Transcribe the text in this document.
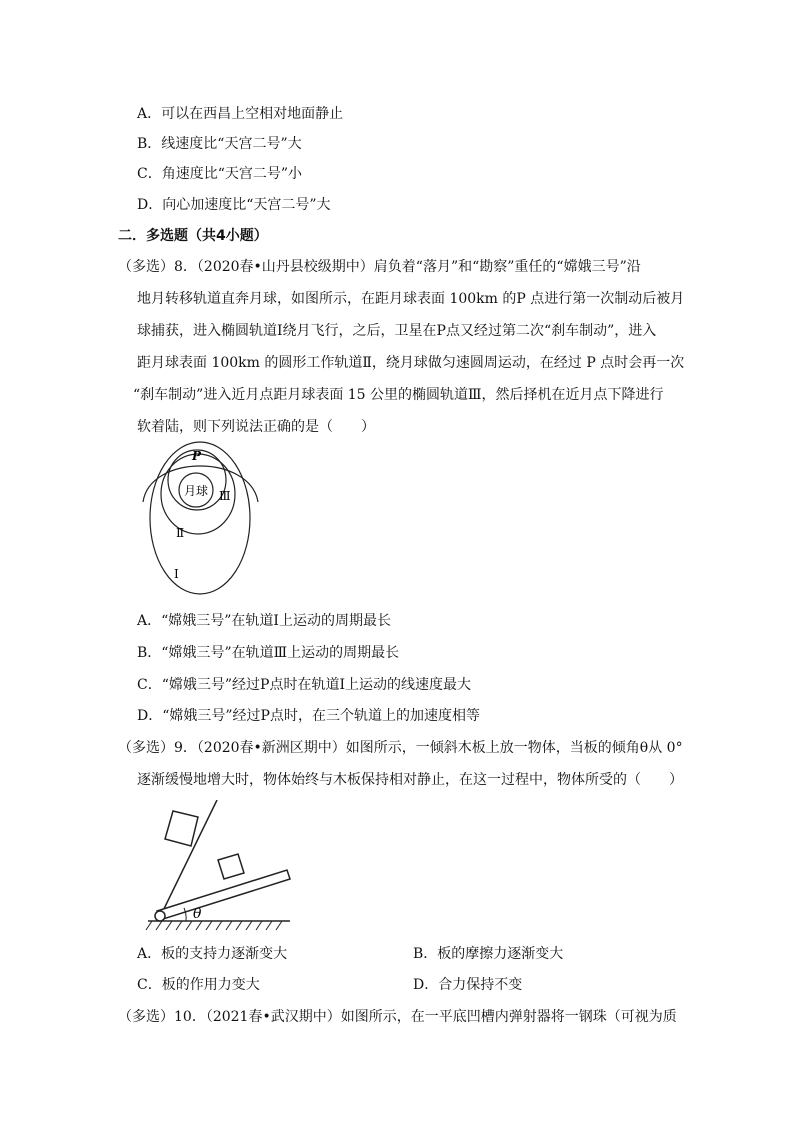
A．可以在西昌上空相对地面静止
B．线速度比“天宫二号”大
C．角速度比“天宫二号”小
D．向心加速度比“天宫二号”大
二．多选题（共4小题）
（多选）8．（2020春•山丹县校级期中）肩负着“落月”和“勘察”重任的“嫦娥三号”沿
地月转移轨道直奔月球，如图所示，在距月球表面 100km 的P 点进行第一次制动后被月
球捕获，进入椭圆轨道Ⅰ绕月飞行，之后，卫星在P点又经过第二次“刹车制动”，进入
距月球表面 100km 的圆形工作轨道Ⅱ，绕月球做匀速圆周运动，在经过 P 点时会再一次
“刹车制动”进入近月点距月球表面 15 公里的椭圆轨道Ⅲ，然后择机在近月点下降进行
软着陆，则下列说法正确的是（　　）
月球
P
Ⅰ
Ⅱ
Ⅲ
A．“嫦娥三号”在轨道Ⅰ上运动的周期最长
B．“嫦娥三号”在轨道Ⅲ上运动的周期最长
C．“嫦娥三号”经过P点时在轨道Ⅰ上运动的线速度最大
D．“嫦娥三号”经过P点时，在三个轨道上的加速度相等
（多选）9．（2020春•新洲区期中）如图所示，一倾斜木板上放一物体，当板的倾角θ从 0°
逐渐缓慢地增大时，物体始终与木板保持相对静止，在这一过程中，物体所受的（　　）
θ
A．板的支持力逐渐变大	B．板的摩擦力逐渐变大
C．板的作用力变大	D．合力保持不变
（多选）10．（2021春•武汉期中）如图所示，在一平底凹槽内弹射器将一钢珠（可视为质
